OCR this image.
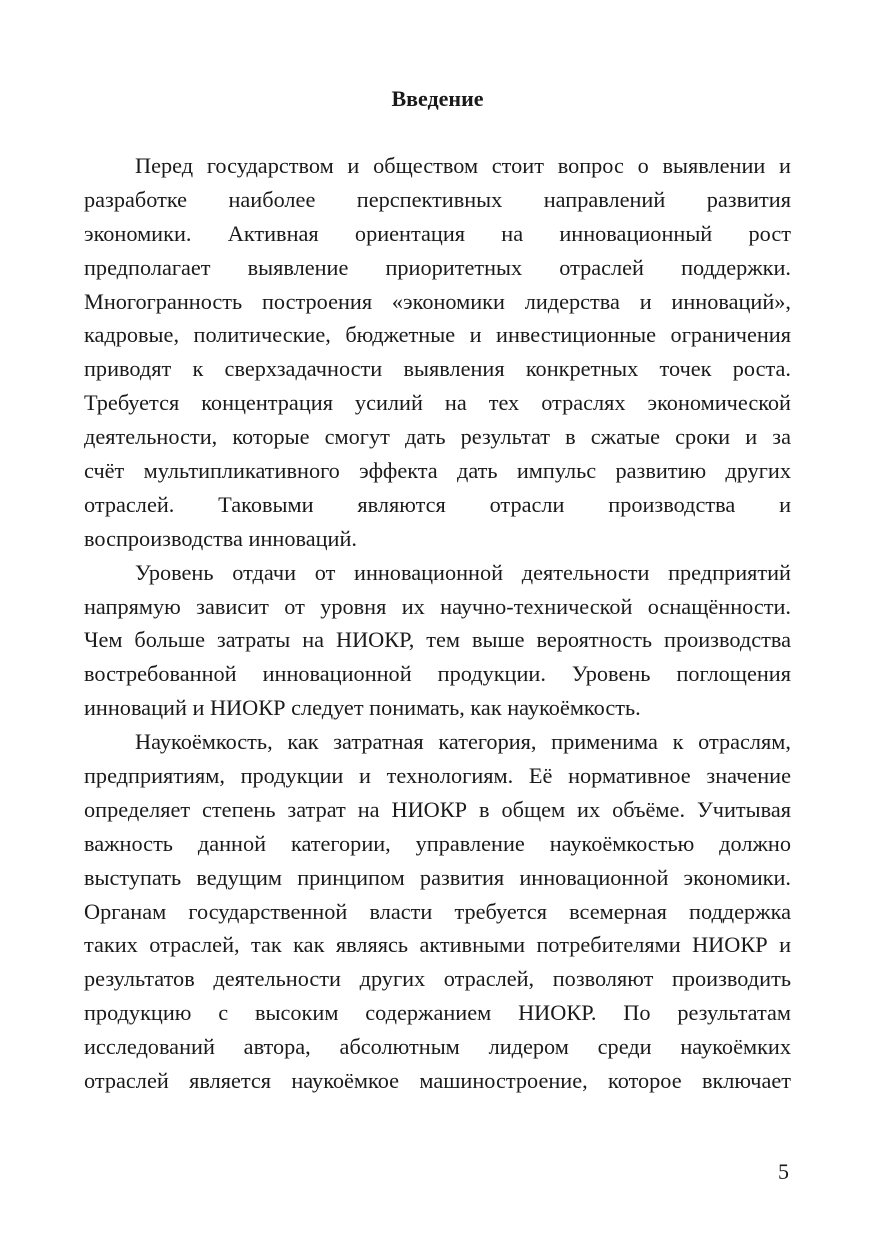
Введение

Перед государством и обществом стоит вопрос о выявлении и
разработке наиболее перспективных направлений развития
экономики. Активная ориентация на инновационный рост
предполагает выявление приоритетных отраслей поддержки.
Многогранность построения «экономики лидерства и инноваций»,
кадровые, политические, бюджетные и инвестиционные ограничения
приводят к сверхзадачности выявления конкретных точек роста.
Требуется концентрация усилий на тех отраслях экономической
деятельности, которые смогут дать результат в сжатые сроки и за
счёт мультипликативного эффекта дать импульс развитию других
отраслей. Таковыми являются отрасли производства и
воспроизводства инноваций.

Уровень отдачи от инновационной деятельности предприятий
напрямую зависит от уровня их научно-технической оснащённости.
Чем больше затраты на НИОКР, тем выше вероятность производства
востребованной инновационной продукции. Уровень поглощения
инноваций и НИОКР следует понимать, как наукоёмкость.

Наукоёмкость, как затратная категория, применима к отраслям,
предприятиям, продукции и технологиям. Её нормативное значение
определяет степень затрат на НИОКР в общем их объёме. Учитывая
важность данной категории, управление наукоёмкостью должно
выступать ведущим принципом развития инновационной экономики.
Органам государственной власти требуется всемерная поддержка
таких отраслей, так как являясь активными потребителями НИОКР и
результатов деятельности других отраслей, позволяют производить
продукцию с высоким содержанием НИОКР. По результатам
исследований автора, абсолютным лидером среди наукоёмких
отраслей является наукоёмкое машиностроение, которое включает

5
